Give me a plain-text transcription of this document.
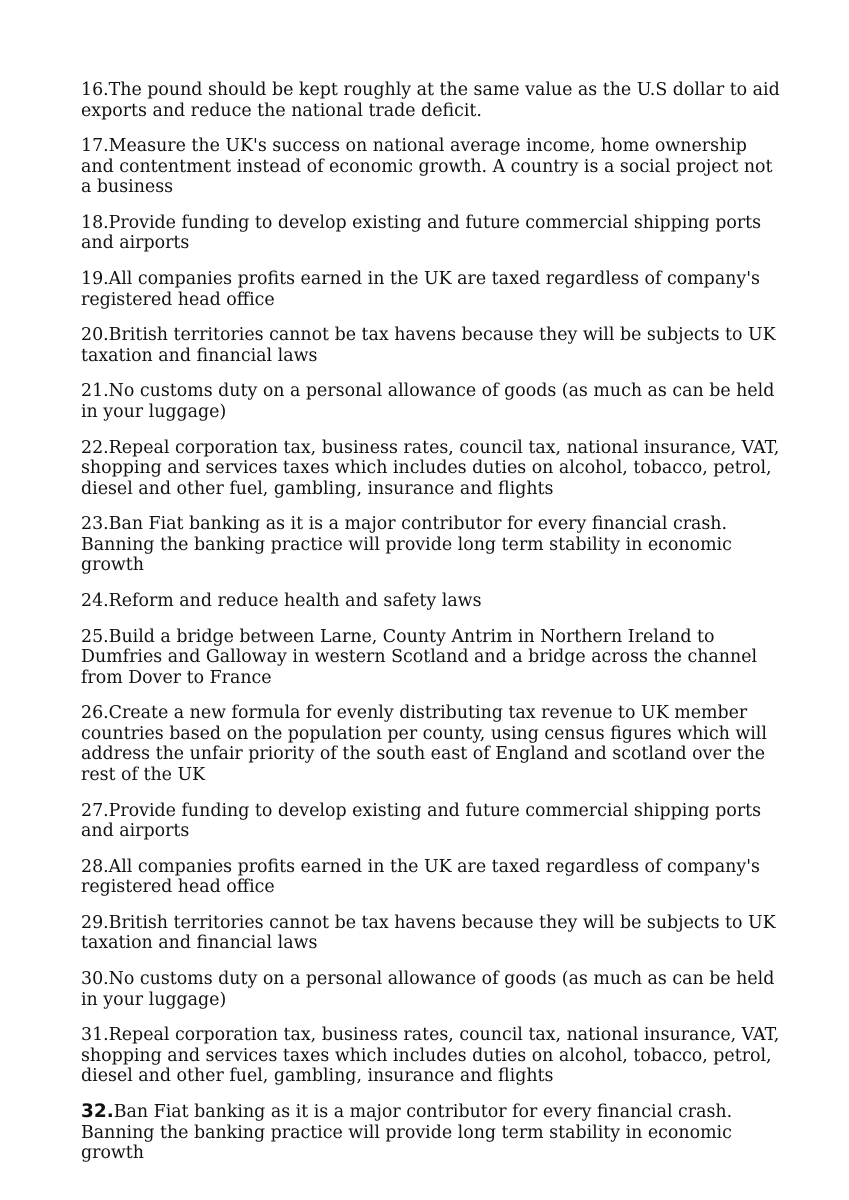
16.The pound should be kept roughly at the same value as the U.S dollar to aid exports and reduce the national trade deficit.

17.Measure the UK's success on national average income, home ownership and contentment instead of economic growth. A country is a social project not a business

18.Provide funding to develop existing and future commercial shipping ports and airports

19.All companies profits earned in the UK are taxed regardless of company's registered head office

20.British territories cannot be tax havens because they will be subjects to UK taxation and financial laws

21.No customs duty on a personal allowance of goods (as much as can be held in your luggage)

22.Repeal corporation tax, business rates, council tax, national insurance, VAT, shopping and services taxes which includes duties on alcohol, tobacco, petrol, diesel and other fuel, gambling, insurance and flights

23.Ban Fiat banking as it is a major contributor for every financial crash. Banning the banking practice will provide long term stability in economic growth

24.Reform and reduce health and safety laws

25.Build a bridge between Larne, County Antrim in Northern Ireland to Dumfries and Galloway in western Scotland and a bridge across the channel from Dover to France

26.Create a new formula for evenly distributing tax revenue to UK member countries based on the population per county, using census figures which will address the unfair priority of the south east of England and scotland over the rest of the UK

27.Provide funding to develop existing and future commercial shipping ports and airports

28.All companies profits earned in the UK are taxed regardless of company's registered head office

29.British territories cannot be tax havens because they will be subjects to UK taxation and financial laws

30.No customs duty on a personal allowance of goods (as much as can be held in your luggage)

31.Repeal corporation tax, business rates, council tax, national insurance, VAT, shopping and services taxes which includes duties on alcohol, tobacco, petrol, diesel and other fuel, gambling, insurance and flights

32.Ban Fiat banking as it is a major contributor for every financial crash. Banning the banking practice will provide long term stability in economic growth
